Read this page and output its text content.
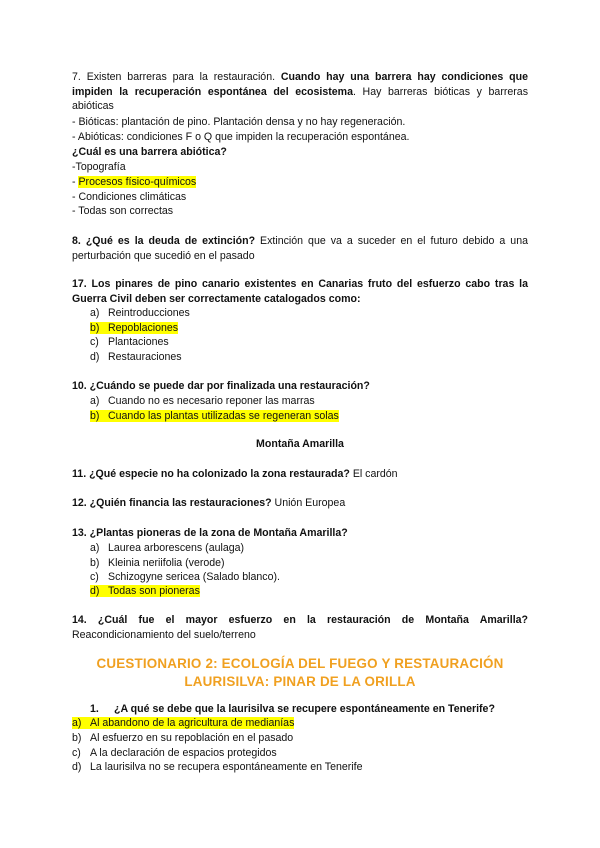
7. Existen barreras para la restauración. Cuando hay una barrera hay condiciones que impiden la recuperación espontánea del ecosistema. Hay barreras bióticas y barreras abióticas
- Bióticas: plantación de pino. Plantación densa y no hay regeneración.
- Abióticas: condiciones F o Q que impiden la recuperación espontánea.
¿Cuál es una barrera abiótica?
-Topografía
- Procesos físico-químicos
- Condiciones climáticas
- Todas son correctas
8. ¿Qué es la deuda de extinción? Extinción que va a suceder en el futuro debido a una perturbación que sucedió en el pasado
17. Los pinares de pino canario existentes en Canarias fruto del esfuerzo cabo tras la Guerra Civil deben ser correctamente catalogados como:
a) Reintroducciones
b) Repoblaciones
c) Plantaciones
d) Restauraciones
10. ¿Cuándo se puede dar por finalizada una restauración?
a) Cuando no es necesario reponer las marras
b) Cuando las plantas utilizadas se regeneran solas
Montaña Amarilla
11. ¿Qué especie no ha colonizado la zona restaurada? El cardón
12. ¿Quién financia las restauraciones? Unión Europea
13. ¿Plantas pioneras de la zona de Montaña Amarilla?
a) Laurea arborescens (aulaga)
b) Kleinia neriifolia (verode)
c) Schizogyne sericea (Salado blanco).
d) Todas son pioneras
14. ¿Cuál fue el mayor esfuerzo en la restauración de Montaña Amarilla?
Reacondicionamiento del suelo/terreno
CUESTIONARIO 2: ECOLOGÍA DEL FUEGO Y RESTAURACIÓN
LAURISILVA: PINAR DE LA ORILLA
1. ¿A qué se debe que la laurisilva se recupere espontáneamente en Tenerife?
a) Al abandono de la agricultura de medianías
b) Al esfuerzo en su repoblación en el pasado
c) A la declaración de espacios protegidos
d) La laurisilva no se recupera espontáneamente en Tenerife
